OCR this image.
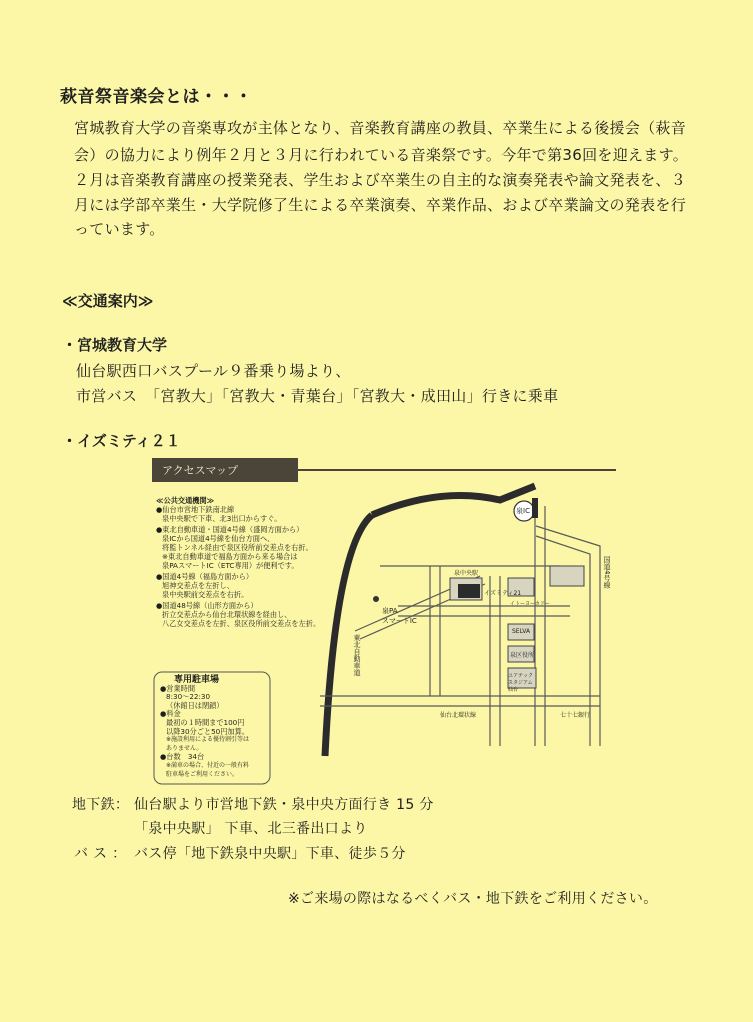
萩音祭音楽会とは・・・

宮城教育大学の音楽専攻が主体となり、音楽教育講座の教員、卒業生による後援会（萩音

会）の協力により例年２月と３月に行われている音楽祭です。今年で第36回を迎えます。

２月は音楽教育講座の授業発表、学生および卒業生の自主的な演奏発表や論文発表を、３

月には学部卒業生・大学院修了生による卒業演奏、卒業作品、および卒業論文の発表を行

っています。

≪交通案内≫

・宮城教育大学

仙台駅西口バスプール９番乗り場より、

市営バス　「宮教大」「宮教大・青葉台」「宮教大・成田山」行きに乗車

・イズミティ２１

アクセスマップ
≪公共交通機関≫
●仙台市営地下鉄南北線
泉中央駅で下車、北3出口からすぐ。
●東北自動車道・国道4号線（盛岡方面から）
泉ICから国道4号線を仙台方面へ、
将監トンネル経由で泉区役所前交差点を右折。
※東北自動車道で福島方面から来る場合は
泉PAスマートIC（ETC専用）が便利です。
●国道4号線（福島方面から）
旭神交差点を左折し、
泉中央駅前交差点を右折。
●国道48号線（山形方面から）
折立交差点から仙台北環状線を経由し、
八乙女交差点を左折、泉区役所前交差点を左折。
専用駐車場
●営業時間
8:30～22:30
（休館日は閉鎖）
●料金
最初の１時間まで100円
以降30分ごと50円加算。
※施設利用による優待割引等は
ありません。
●台数　34台
※満車の場合、付近の一般有料
駐車場をご利用ください。
泉IC
泉PA
スマートIC
東北自動車道
イズミティ21
泉中央駅
泉区役所
SELVA
ユアテック スタジアム 仙台
イトーヨーカドー
国道4号線
仙台北環状線	七十七銀行

地下鉄： 仙台駅より市営地下鉄・泉中央方面行き 15 分

「泉中央駅」 下車、北三番出口より

バ ス ： バス停「地下鉄泉中央駅」下車、徒歩５分

※ご来場の際はなるべくバス・地下鉄をご利用ください。
